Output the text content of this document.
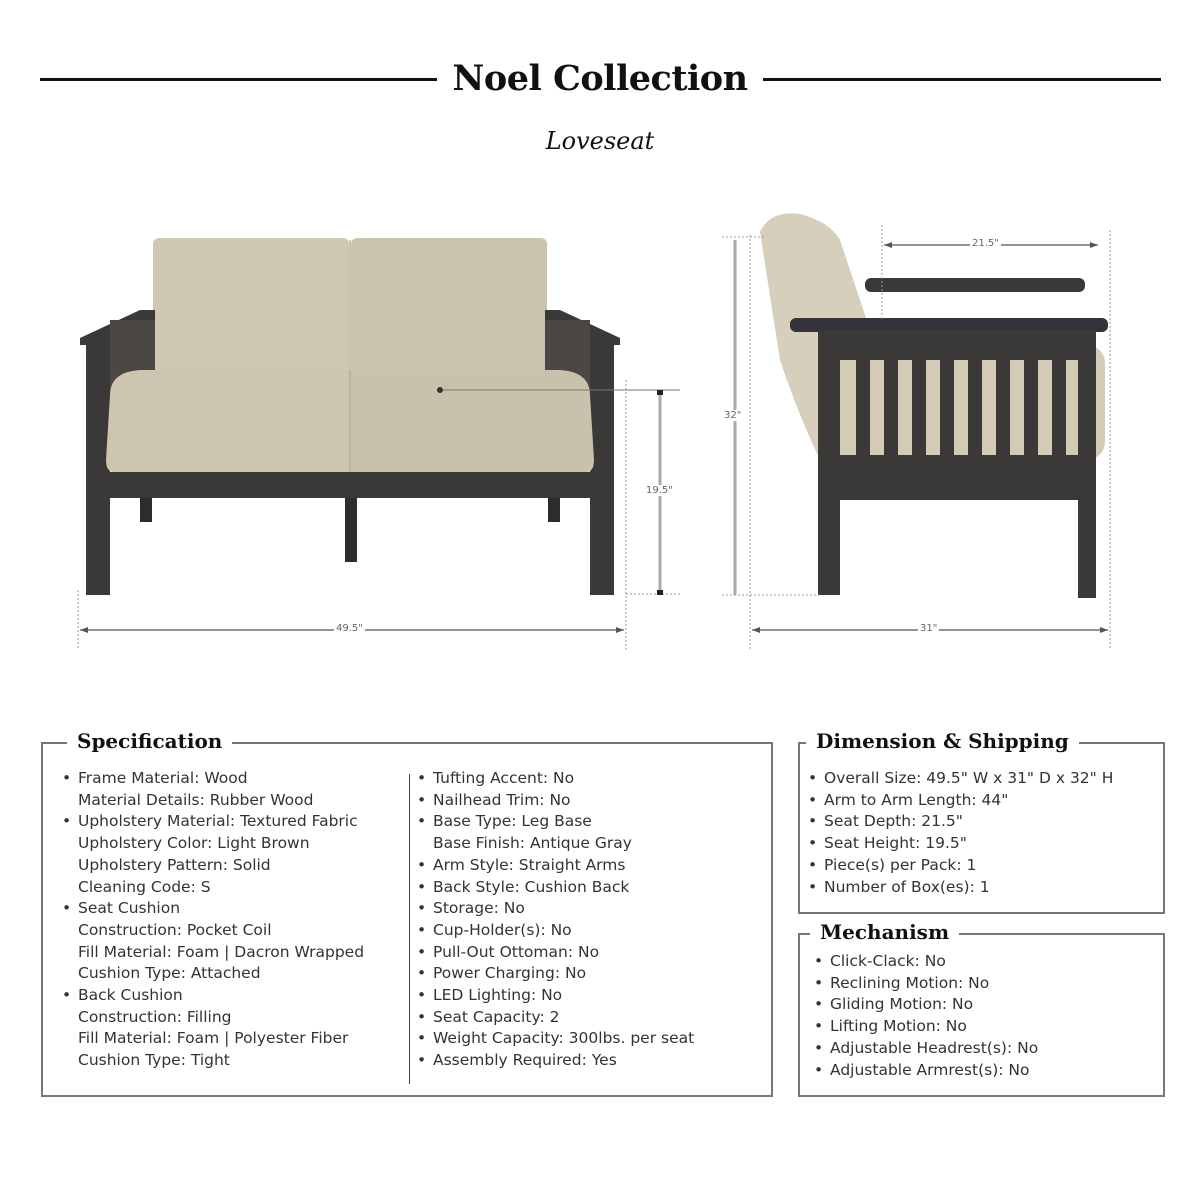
Noel Collection
Loveseat
49.5"
19.5"
32"
21.5"
31"
Specification
• Frame Material: Wood
Material Details: Rubber Wood
• Upholstery Material: Textured Fabric
Upholstery Color: Light Brown
Upholstery Pattern: Solid
Cleaning Code: S
• Seat Cushion
Construction: Pocket Coil
Fill Material: Foam | Dacron Wrapped
Cushion Type: Attached
• Back Cushion
Construction: Filling
Fill Material: Foam | Polyester Fiber
Cushion Type: Tight
• Tufting Accent: No
• Nailhead Trim: No
• Base Type: Leg Base
Base Finish: Antique Gray
• Arm Style: Straight Arms
• Back Style: Cushion Back
• Storage: No
• Cup-Holder(s): No
• Pull-Out Ottoman: No
• Power Charging: No
• LED Lighting: No
• Seat Capacity: 2
• Weight Capacity: 300lbs. per seat
• Assembly Required: Yes
Dimension & Shipping
• Overall Size: 49.5" W x 31" D x 32" H
• Arm to Arm Length: 44"
• Seat Depth: 21.5"
• Seat Height: 19.5"
• Piece(s) per Pack: 1
• Number of Box(es): 1
Mechanism
• Click-Clack: No
• Reclining Motion: No
• Gliding Motion: No
• Lifting Motion: No
• Adjustable Headrest(s): No
• Adjustable Armrest(s): No
